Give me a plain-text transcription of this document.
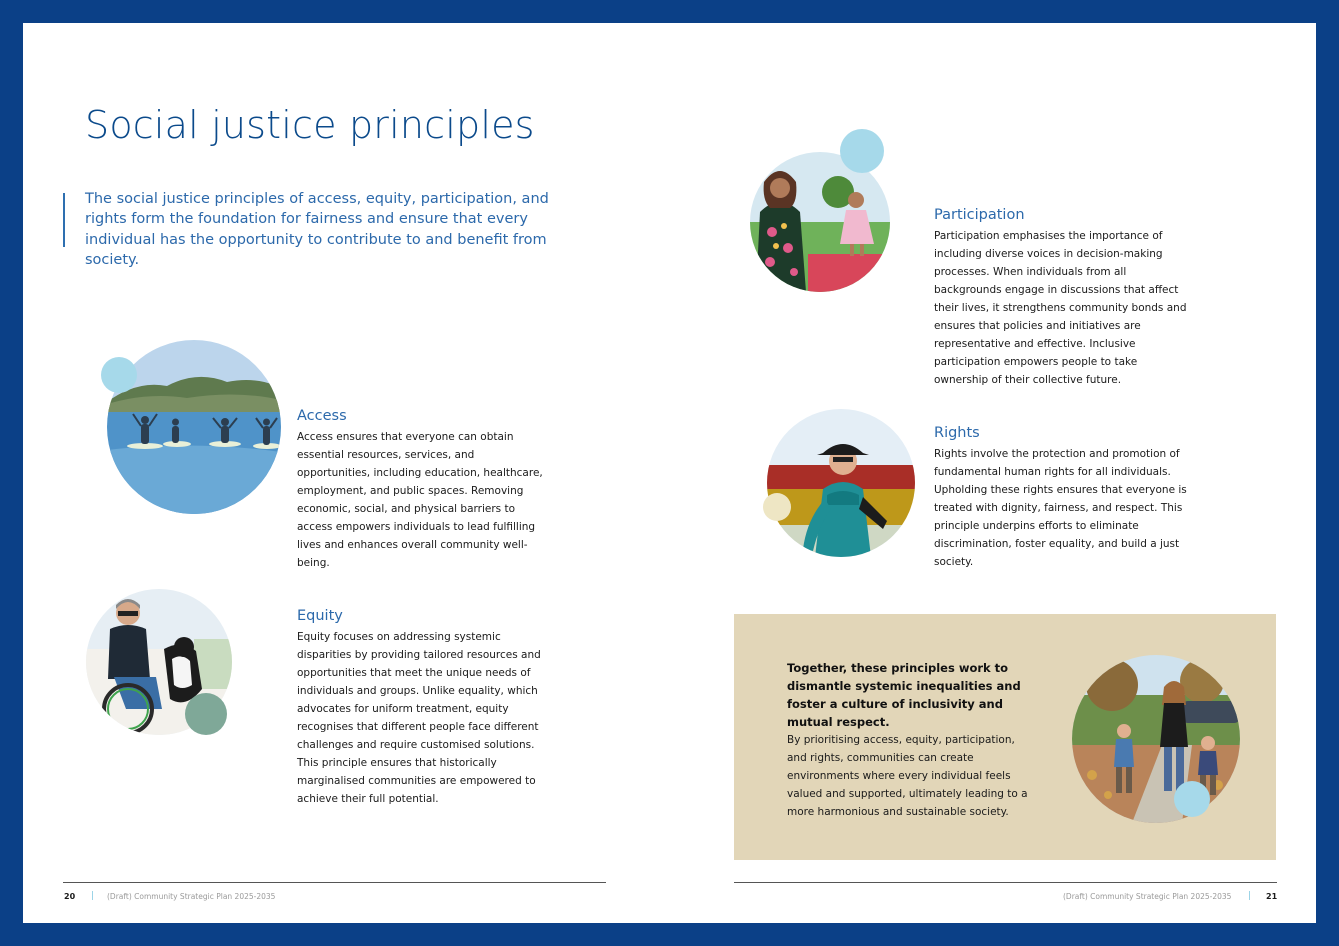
Social justice principles

The social justice principles of access, equity, participation, and rights form the foundation for fairness and ensure that every individual has the opportunity to contribute to and benefit from society.

Access

Access ensures that everyone can obtain essential resources, services, and opportunities, including education, healthcare, employment, and public spaces. Removing economic, social, and physical barriers to access empowers individuals to lead fulfilling lives and enhances overall community well-being.

Equity

Equity focuses on addressing systemic disparities by providing tailored resources and opportunities that meet the unique needs of individuals and groups. Unlike equality, which advocates for uniform treatment, equity recognises that different people face different challenges and require customised solutions. This principle ensures that historically marginalised communities are empowered to achieve their full potential.

20 | (Draft) Community Strategic Plan 2025-2035
Participation

Participation emphasises the importance of including diverse voices in decision-making processes. When individuals from all backgrounds engage in discussions that affect their lives, it strengthens community bonds and ensures that policies and initiatives are representative and effective. Inclusive participation empowers people to take ownership of their collective future.

Rights

Rights involve the protection and promotion of fundamental human rights for all individuals. Upholding these rights ensures that everyone is treated with dignity, fairness, and respect. This principle underpins efforts to eliminate discrimination, foster equality, and build a just society.

Together, these principles work to dismantle systemic inequalities and foster a culture of inclusivity and mutual respect.

By prioritising access, equity, participation, and rights, communities can create environments where every individual feels valued and supported, ultimately leading to a more harmonious and sustainable society.

(Draft) Community Strategic Plan 2025-2035 | 21
